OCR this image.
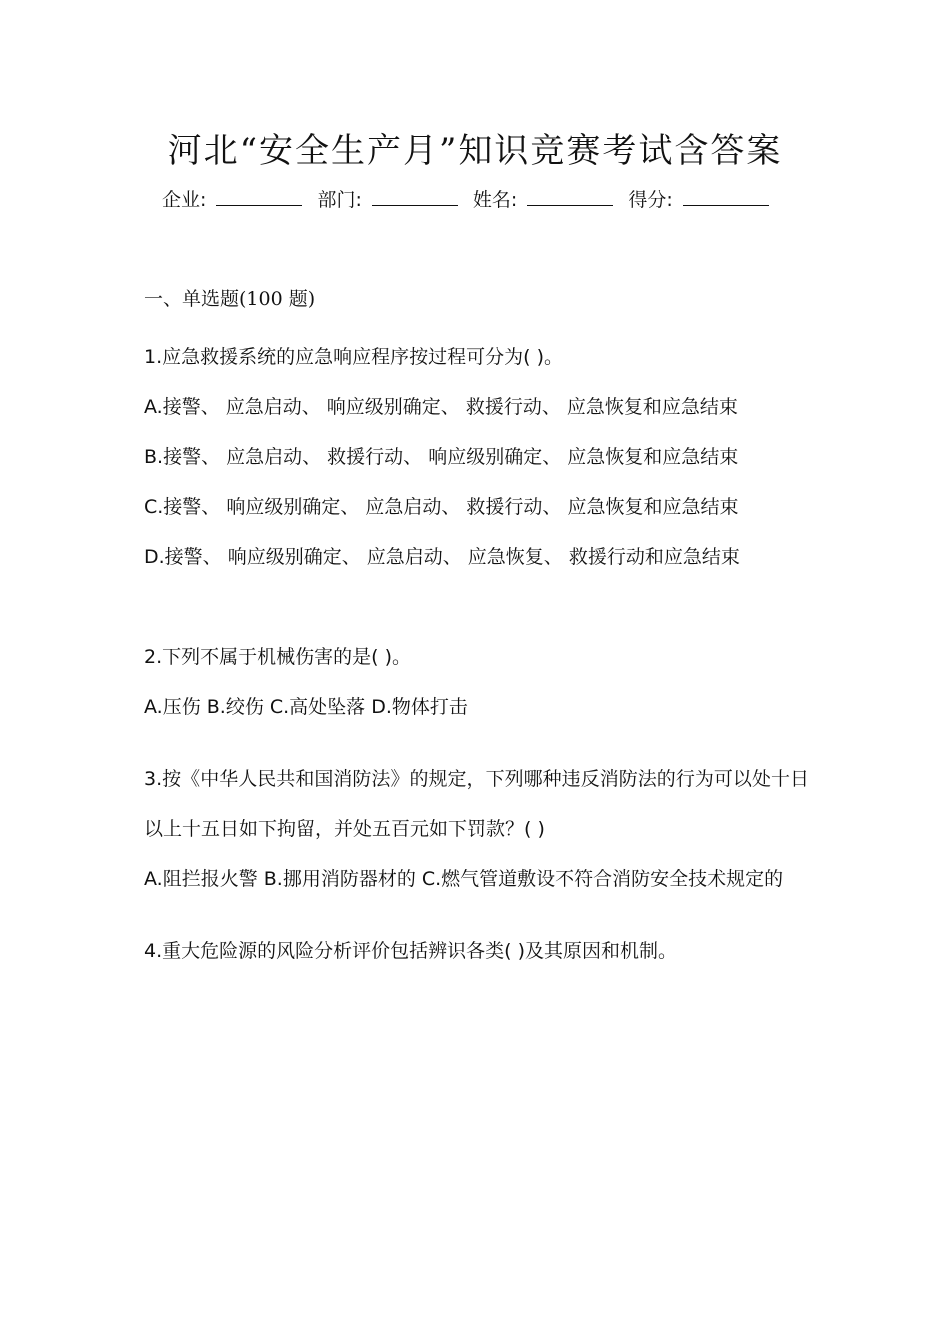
河北“安全生产月”知识竞赛考试含答案
企业:	部门:	姓名:	得分:

一、单选题(100 题)

1.应急救援系统的应急响应程序按过程可分为( )。

A.接警、 应急启动、 响应级别确定、 救援行动、 应急恢复和应急结束

B.接警、 应急启动、 救援行动、 响应级别确定、 应急恢复和应急结束

C.接警、 响应级别确定、 应急启动、 救援行动、 应急恢复和应急结束

D.接警、 响应级别确定、 应急启动、 应急恢复、 救援行动和应急结束

2.下列不属于机械伤害的是( )。

A.压伤 B.绞伤 C.高处坠落 D.物体打击

3.按《中华人民共和国消防法》的规定，下列哪种违反消防法的行为可以处十日以上十五日如下拘留，并处五百元如下罚款？( )

A.阻拦报火警 B.挪用消防器材的 C.燃气管道敷设不符合消防安全技术规定的

4.重大危险源的风险分析评价包括辨识各类( )及其原因和机制。
